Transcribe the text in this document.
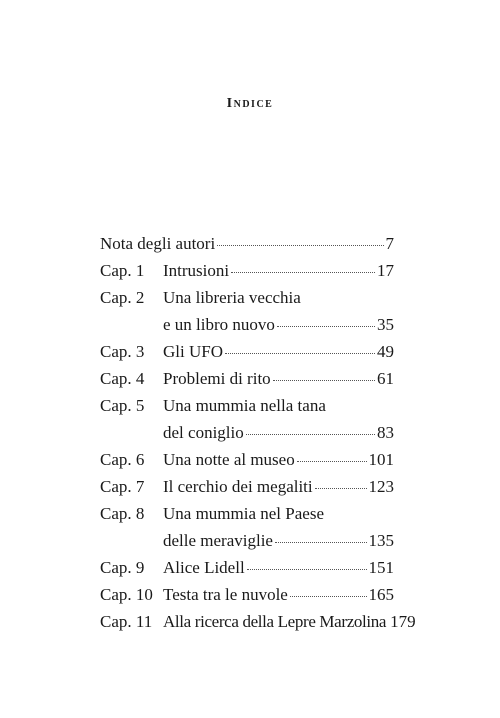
Indice
Nota degli autori	7
Cap. 1 Intrusioni	17
Cap. 2 Una libreria vecchia
e un libro nuovo	35
Cap. 3 Gli UFO	49
Cap. 4 Problemi di rito	61
Cap. 5 Una mummia nella tana
del coniglio	83
Cap. 6 Una notte al museo	101
Cap. 7 Il cerchio dei megaliti	123
Cap. 8 Una mummia nel Paese
delle meraviglie	135
Cap. 9 Alice Lidell	151
Cap. 10 Testa tra le nuvole	165
Cap. 11 Alla ricerca della Lepre Marzolina 179
